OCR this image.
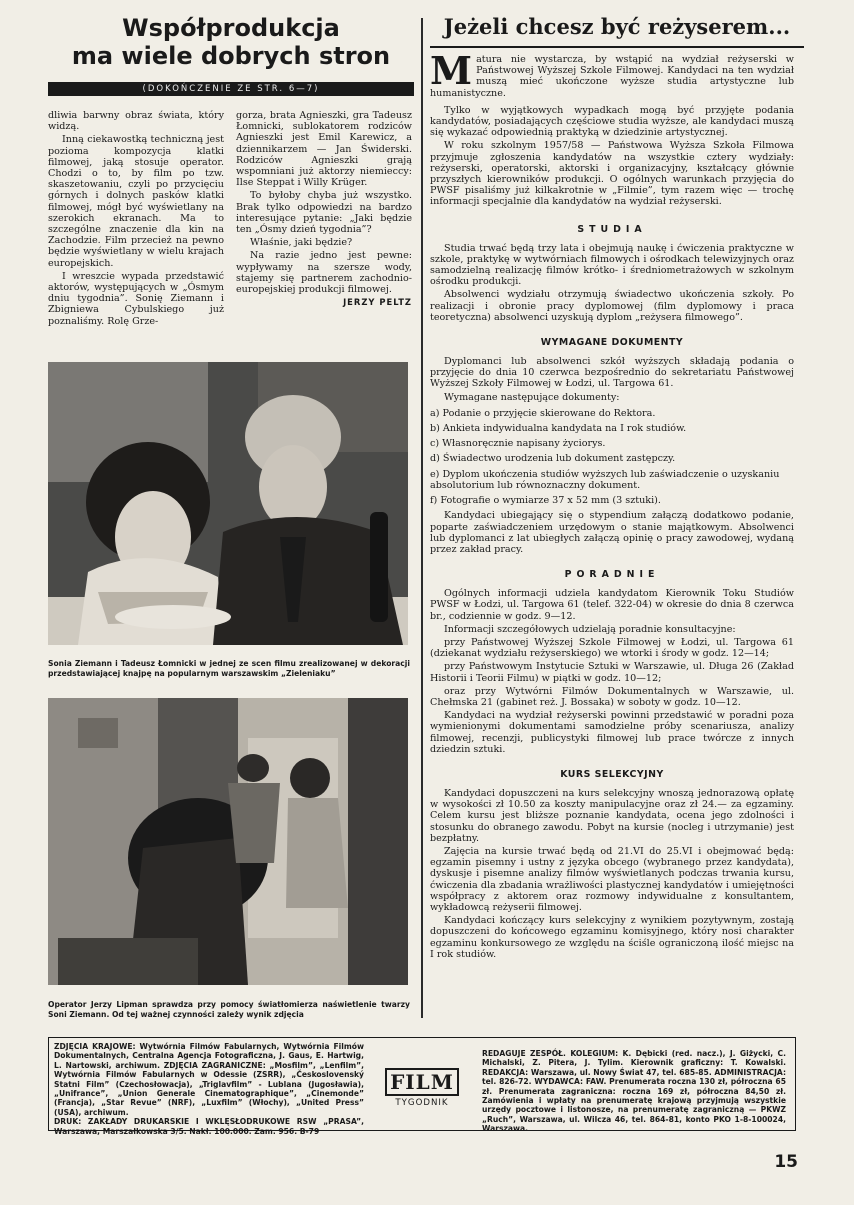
Współprodukcja
ma wiele dobrych stron
(DOKOŃCZENIE ZE STR. 6—7)

dliwia barwny obraz świata, który widzą.

Inną ciekawostką techniczną jest pozioma kompozycja klatki filmowej, jaką stosuje operator. Chodzi o to, by film po tzw. skaszetowaniu, czyli po przycięciu górnych i dolnych pasków klatki filmowej, mógł być wyświetlany na szerokich ekranach. Ma to szczególne znaczenie dla kin na Zachodzie. Film przecież na pewno będzie wyświetlany w wielu krajach europejskich.

I wreszcie wypada przedstawić aktorów, występujących w „Ósmym dniu tygodnia”. Sonię Ziemann i Zbigniewa Cybulskiego już poznaliśmy. Rolę Grze-

gorza, brata Agnieszki, gra Tadeusz Łomnicki, sublokatorem rodziców Agnieszki jest Emil Karewicz, a dziennikarzem — Jan Świderski. Rodziców Agnieszki grają wspomniani już aktorzy niemieccy: Ilse Steppat i Willy Krüger.

To byłoby chyba już wszystko. Brak tylko odpowiedzi na bardzo interesujące pytanie: „Jaki będzie ten „Ósmy dzień tygodnia”?

Właśnie, jaki będzie?

Na razie jedno jest pewne: wypływamy na szersze wody, stajemy się partnerem zachodnio-europejskiej produkcji filmowej.

JERZY PELTZ
Sonia Ziemann i Tadeusz Łomnicki w jednej ze scen filmu zrealizowanej w dekoracji przedstawiającej knajpę na popularnym warszawskim „Zieleniaku”
Operator Jerzy Lipman sprawdza przy pomocy światłomierza naświetlenie twarzy Soni Ziemann. Od tej ważnej czynności zależy wynik zdjęcia
Jeżeli chcesz być reżyserem...
M atura nie wystarcza, by wstąpić na wydział reżyserski w Państwowej Wyższej Szkole Filmowej. Kandydaci na ten wydział muszą mieć ukończone wyższe studia artystyczne lub humanistyczne.

Tylko w wyjątkowych wypadkach mogą być przyjęte podania kandydatów, posiadających częściowe studia wyższe, ale kandydaci muszą się wykazać odpowiednią praktyką w dziedzinie artystycznej.

W roku szkolnym 1957/58 — Państwowa Wyższa Szkoła Filmowa przyjmuje zgłoszenia kandydatów na wszystkie cztery wydziały: reżyserski, operatorski, aktorski i organizacyjny, kształcący głównie przyszłych kierowników produkcji. O ogólnych warunkach przyjęcia do PWSF pisaliśmy już kilkakrotnie w „Filmie”, tym razem więc — trochę informacji specjalnie dla kandydatów na wydział reżyserski.

STUDIA

Studia trwać będą trzy lata i obejmują naukę i ćwiczenia praktyczne w szkole, praktykę w wytwórniach filmowych i ośrodkach telewizyjnych oraz samodzielną realizację filmów krótko- i średniometrażowych w szkolnym ośrodku produkcji.

Absolwenci wydziału otrzymują świadectwo ukończenia szkoły. Po realizacji i obronie pracy dyplomowej (film dyplomowy i praca teoretyczna) absolwenci uzyskują dyplom „reżysera filmowego”.

WYMAGANE DOKUMENTY

Dyplomanci lub absolwenci szkół wyższych składają podania o przyjęcie do dnia 10 czerwca bezpośrednio do sekretariatu Państwowej Wyższej Szkoły Filmowej w Łodzi, ul. Targowa 61.

Wymagane następujące dokumenty:

a) Podanie o przyjęcie skierowane do Rektora.
b) Ankieta indywidualna kandydata na I rok studiów.
c) Własnoręcznie napisany życiorys.
d) Świadectwo urodzenia lub dokument zastępczy.
e) Dyplom ukończenia studiów wyższych lub zaświadczenie o uzyskaniu absolutorium lub równoznaczny dokument.
f) Fotografie o wymiarze 37 x 52 mm (3 sztuki).

Kandydaci ubiegający się o stypendium załączą dodatkowo podanie, poparte zaświadczeniem urzędowym o stanie majątkowym. Absolwenci lub dyplomanci z lat ubiegłych załączą opinię o pracy zawodowej, wydaną przez zakład pracy.

PORADNIE

Ogólnych informacji udziela kandydatom Kierownik Toku Studiów PWSF w Łodzi, ul. Targowa 61 (telef. 322-04) w okresie do dnia 8 czerwca br., codziennie w godz. 9—12.

Informacji szczegółowych udzielają poradnie konsultacyjne:

przy Państwowej Wyższej Szkole Filmowej w Łodzi, ul. Targowa 61 (dziekanat wydziału reżyserskiego) we wtorki i środy w godz. 12—14;

przy Państwowym Instytucie Sztuki w Warszawie, ul. Długa 26 (Zakład Historii i Teorii Filmu) w piątki w godz. 10—12;

oraz przy Wytwórni Filmów Dokumentalnych w Warszawie, ul. Chełmska 21 (gabinet reż. J. Bossaka) w soboty w godz. 10—12.

Kandydaci na wydział reżyserski powinni przedstawić w poradni poza wymienionymi dokumentami samodzielne próby scenariusza, analizy filmowej, recenzji, publicystyki filmowej lub prace twórcze z innych dziedzin sztuki.

KURS SELEKCYJNY

Kandydaci dopuszczeni na kurs selekcyjny wnoszą jednorazową opłatę w wysokości zł 10.50 za koszty manipulacyjne oraz zł 24.— za egzaminy. Celem kursu jest bliższe poznanie kandydata, ocena jego zdolności i stosunku do obranego zawodu. Pobyt na kursie (nocleg i utrzymanie) jest bezpłatny.

Zajęcia na kursie trwać będą od 21.VI do 25.VI i obejmować będą: egzamin pisemny i ustny z języka obcego (wybranego przez kandydata), dyskusje i pisemne analizy filmów wyświetlanych podczas trwania kursu, ćwiczenia dla zbadania wrażliwości plastycznej kandydatów i umiejętności współpracy z aktorem oraz rozmowy indywidualne z konsultantem, wykładowcą reżyserii filmowej.

Kandydaci kończący kurs selekcyjny z wynikiem pozytywnym, zostają dopuszczeni do końcowego egzaminu komisyjnego, który nosi charakter egzaminu konkursowego ze względu na ściśle ograniczoną ilość miejsc na I rok studiów.

ZDJĘCIA KRAJOWE: Wytwórnia Filmów Fabularnych, Wytwórnia Filmów Dokumentalnych, Centralna Agencja Fotograficzna, J. Gaus, E. Hartwig, L. Nartowski, archiwum. ZDJĘCIA ZAGRANICZNE: „Mosfilm”, „Lenfilm”, Wytwórnia Filmów Fabularnych w Odessie (ZSRR), „Československý Statni Film” (Czechosłowacja), „Triglavfilm” - Lublana (Jugosławia), „Unifrance”, „Union Generale Cinematographique”, „Cinemonde” (Francja), „Star Revue” (NRF), „Luxfilm” (Włochy), „United Press” (USA), archiwum.
DRUK: ZAKŁADY DRUKARSKIE I WKLĘSŁODRUKOWE RSW „PRASA”, Warszawa, Marszałkowska 3/5. Nakł. 100.000. Zam. 956. B-79
FILM
TYGODNIK
REDAGUJE ZESPÓŁ. KOLEGIUM: K. Dębicki (red. nacz.), J. Giżycki, C. Michalski, Z. Pitera, J. Tylim. Kierownik graficzny: T. Kowalski. REDAKCJA: Warszawa, ul. Nowy Świat 47, tel. 685-85. ADMINISTRACJA: tel. 826-72. WYDAWCA: FAW. Prenumerata roczna 130 zł, półroczna 65 zł. Prenumerata zagraniczna: roczna 169 zł, półroczna 84,50 zł. Zamówienia i wpłaty na prenumeratę krajową przyjmują wszystkie urzędy pocztowe i listonosze, na prenumeratę zagraniczną — PKWZ „Ruch”, Warszawa, ul. Wilcza 46, tel. 864-81, konto PKO 1-8-100024, Warszawa.
15
